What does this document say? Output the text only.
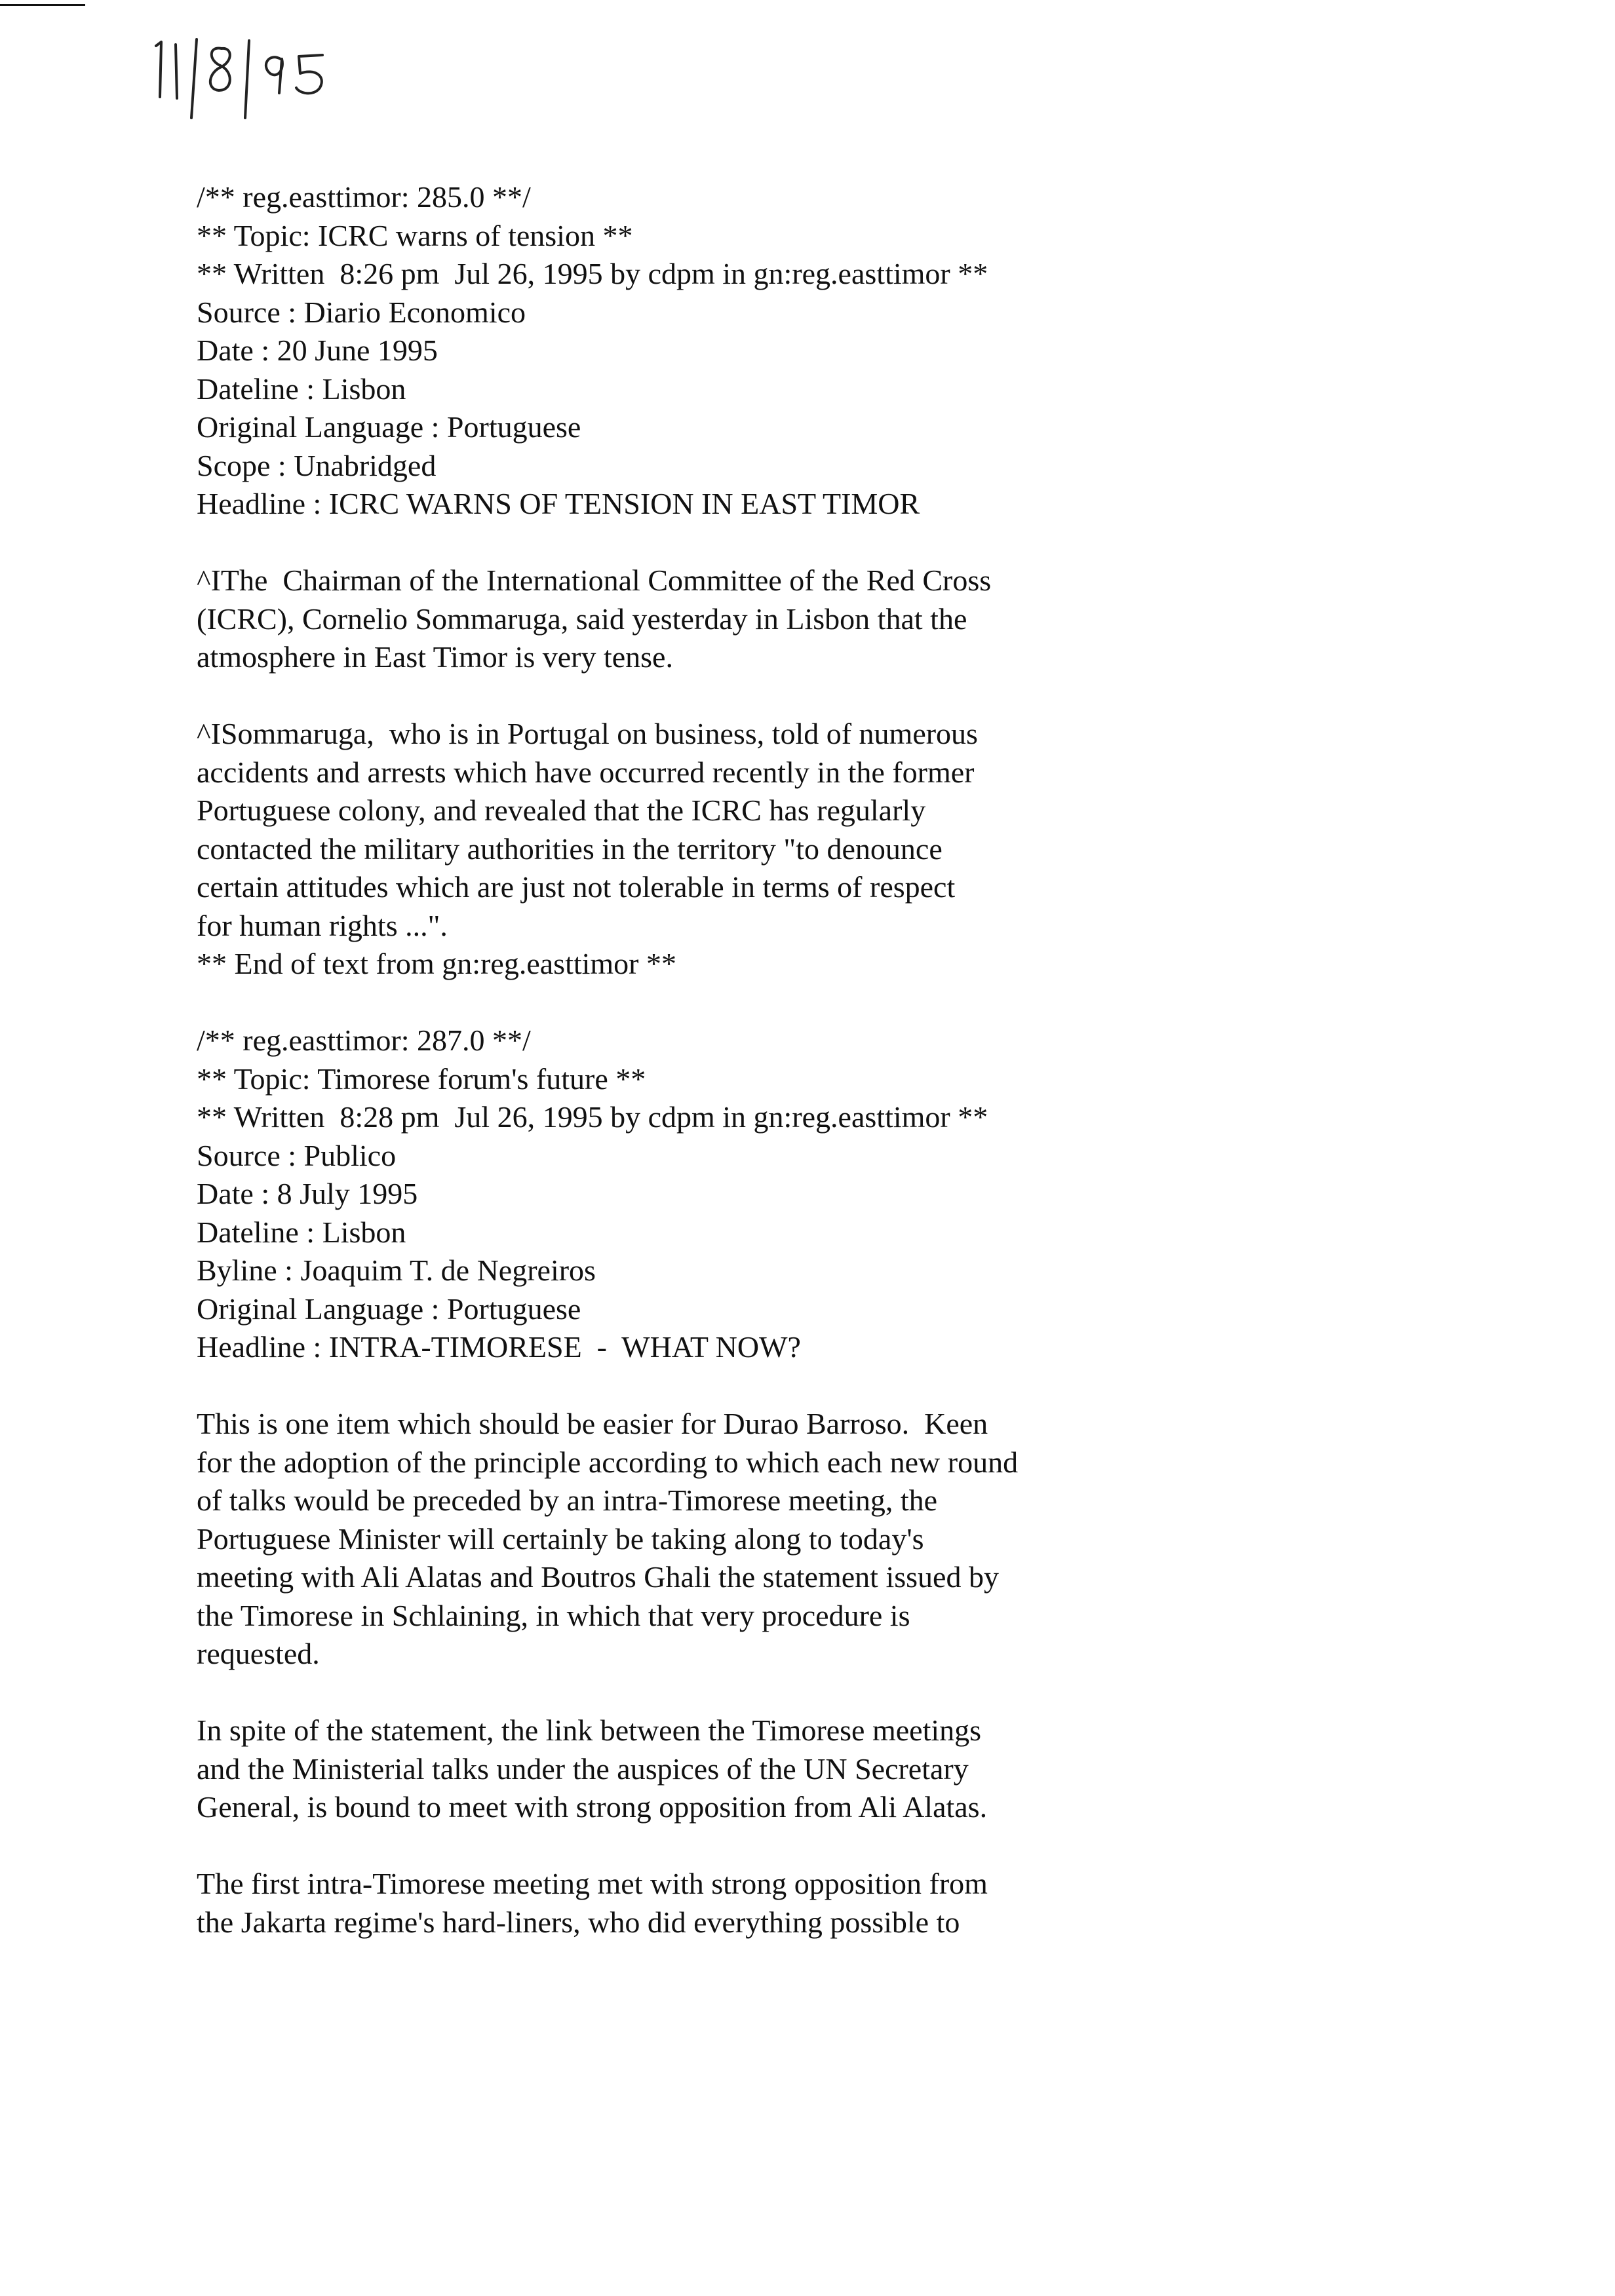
/** reg.easttimor: 285.0 **/
** Topic: ICRC warns of tension **
** Written  8:26 pm  Jul 26, 1995 by cdpm in gn:reg.easttimor **
Source : Diario Economico
Date : 20 June 1995
Dateline : Lisbon
Original Language : Portuguese
Scope : Unabridged
Headline : ICRC WARNS OF TENSION IN EAST TIMOR
^IThe  Chairman of the International Committee of the Red Cross
(ICRC), Cornelio Sommaruga, said yesterday in Lisbon that the
atmosphere in East Timor is very tense.
^ISommaruga,  who is in Portugal on business, told of numerous
accidents and arrests which have occurred recently in the former
Portuguese colony, and revealed that the ICRC has regularly
contacted the military authorities in the territory "to denounce
certain attitudes which are just not tolerable in terms of respect
for human rights ...".
** End of text from gn:reg.easttimor **
/** reg.easttimor: 287.0 **/
** Topic: Timorese forum's future **
** Written  8:28 pm  Jul 26, 1995 by cdpm in gn:reg.easttimor **
Source : Publico
Date : 8 July 1995
Dateline : Lisbon
Byline : Joaquim T. de Negreiros
Original Language : Portuguese
Headline : INTRA-TIMORESE  -  WHAT NOW?
This is one item which should be easier for Durao Barroso.  Keen
for the adoption of the principle according to which each new round
of talks would be preceded by an intra-Timorese meeting, the
Portuguese Minister will certainly be taking along to today's
meeting with Ali Alatas and Boutros Ghali the statement issued by
the Timorese in Schlaining, in which that very procedure is
requested.
In spite of the statement, the link between the Timorese meetings
and the Ministerial talks under the auspices of the UN Secretary
General, is bound to meet with strong opposition from Ali Alatas.
The first intra-Timorese meeting met with strong opposition from
the Jakarta regime's hard-liners, who did everything possible to
